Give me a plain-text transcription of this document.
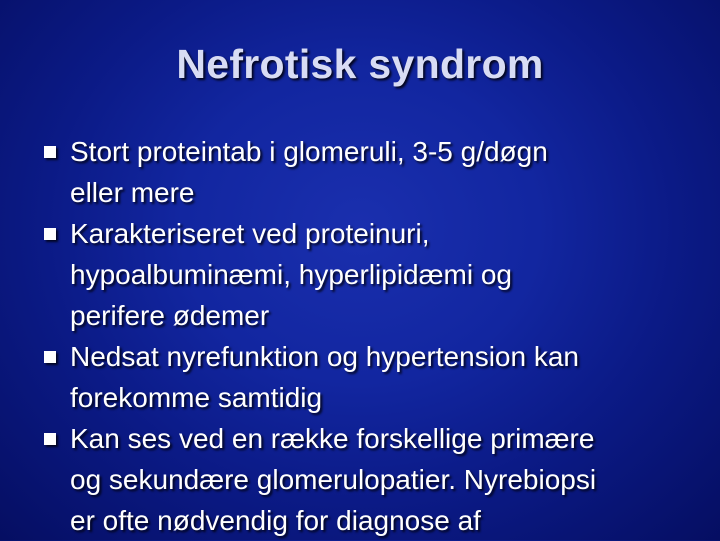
Nefrotisk syndrom
Stort proteintab i glomeruli, 3-5 g/døgn
eller mere
Karakteriseret ved proteinuri,
hypoalbuminæmi, hyperlipidæmi og
perifere ødemer
Nedsat nyrefunktion og hypertension kan
forekomme samtidig
Kan ses ved en række forskellige primære
og sekundære glomerulopatier. Nyrebiopsi
er ofte nødvendig for diagnose af
